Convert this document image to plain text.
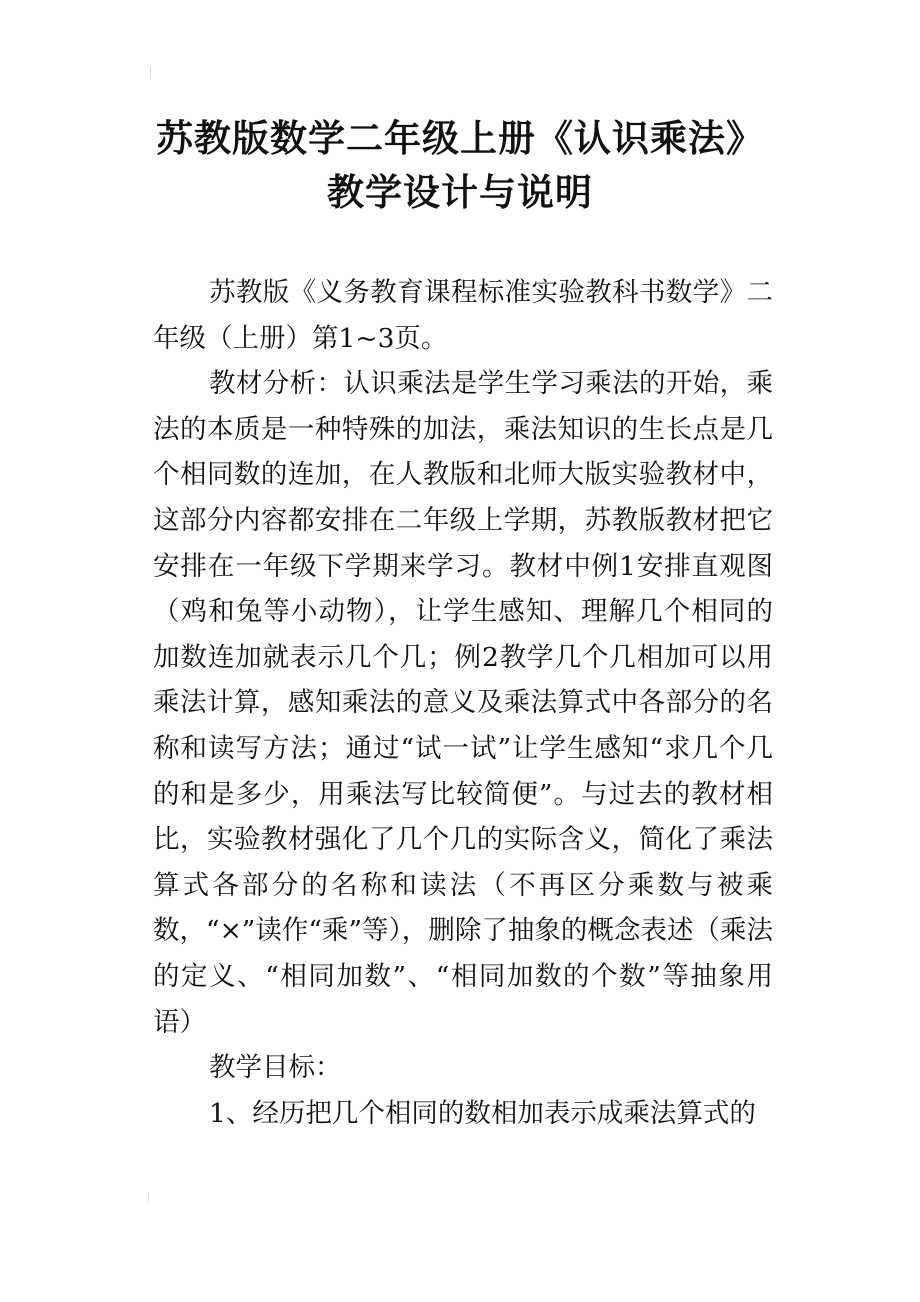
苏教版数学二年级上册《认识乘法》
教学设计与说明

苏教版《义务教育课程标准实验教科书数学》二年级（上册）第1~3页。

教材分析：认识乘法是学生学习乘法的开始，乘法的本质是一种特殊的加法，乘法知识的生长点是几个相同数的连加，在人教版和北师大版实验教材中，这部分内容都安排在二年级上学期，苏教版教材把它安排在一年级下学期来学习。教材中例1安排直观图（鸡和兔等小动物），让学生感知、理解几个相同的加数连加就表示几个几；例2教学几个几相加可以用乘法计算，感知乘法的意义及乘法算式中各部分的名称和读写方法；通过“试一试”让学生感知“求几个几的和是多少，用乘法写比较简便”。与过去的教材相比，实验教材强化了几个几的实际含义，简化了乘法算式各部分的名称和读法（不再区分乘数与被乘数，“×”读作“乘”等），删除了抽象的概念表述（乘法的定义、“相同加数”、“相同加数的个数”等抽象用语）

教学目标：

1、经历把几个相同的数相加表示成乘法算式的
